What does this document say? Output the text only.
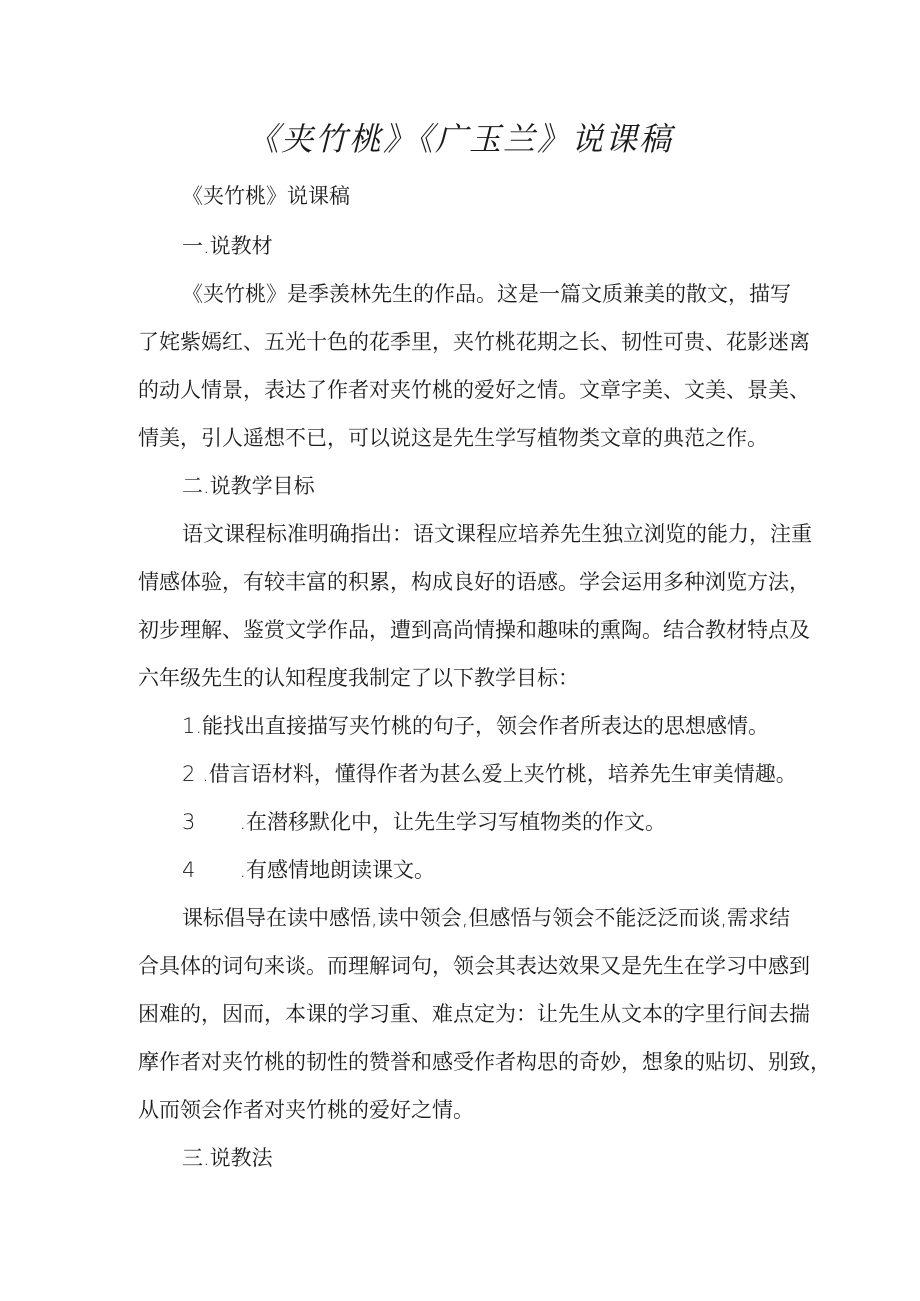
《夹竹桃》《广玉兰》说课稿
《夹竹桃》说课稿
一.说教材
《夹竹桃》是季羡林先生的作品。这是一篇文质兼美的散文，描写
了姹紫嫣红、五光十色的花季里，夹竹桃花期之长、韧性可贵、花影迷离
的动人情景，表达了作者对夹竹桃的爱好之情。文章字美、文美、景美、
情美，引人遥想不已，可以说这是先生学写植物类文章的典范之作。
二.说教学目标
语文课程标准明确指出：语文课程应培养先生独立浏览的能力，注重
情感体验，有较丰富的积累，构成良好的语感。学会运用多种浏览方法，
初步理解、鉴赏文学作品，遭到高尚情操和趣味的熏陶。结合教材特点及
六年级先生的认知程度我制定了以下教学目标：
1.能找出直接描写夹竹桃的句子，领会作者所表达的思想感情。
2 .借言语材料，懂得作者为甚么爱上夹竹桃，培养先生审美情趣。
3 .在潜移默化中，让先生学习写植物类的作文。
4 .有感情地朗读课文。
课标倡导在读中感悟,读中领会,但感悟与领会不能泛泛而谈,需求结
合具体的词句来谈。而理解词句，领会其表达效果又是先生在学习中感到
困难的，因而，本课的学习重、难点定为：让先生从文本的字里行间去揣
摩作者对夹竹桃的韧性的赞誉和感受作者构思的奇妙，想象的贴切、别致，
从而领会作者对夹竹桃的爱好之情。
三.说教法
